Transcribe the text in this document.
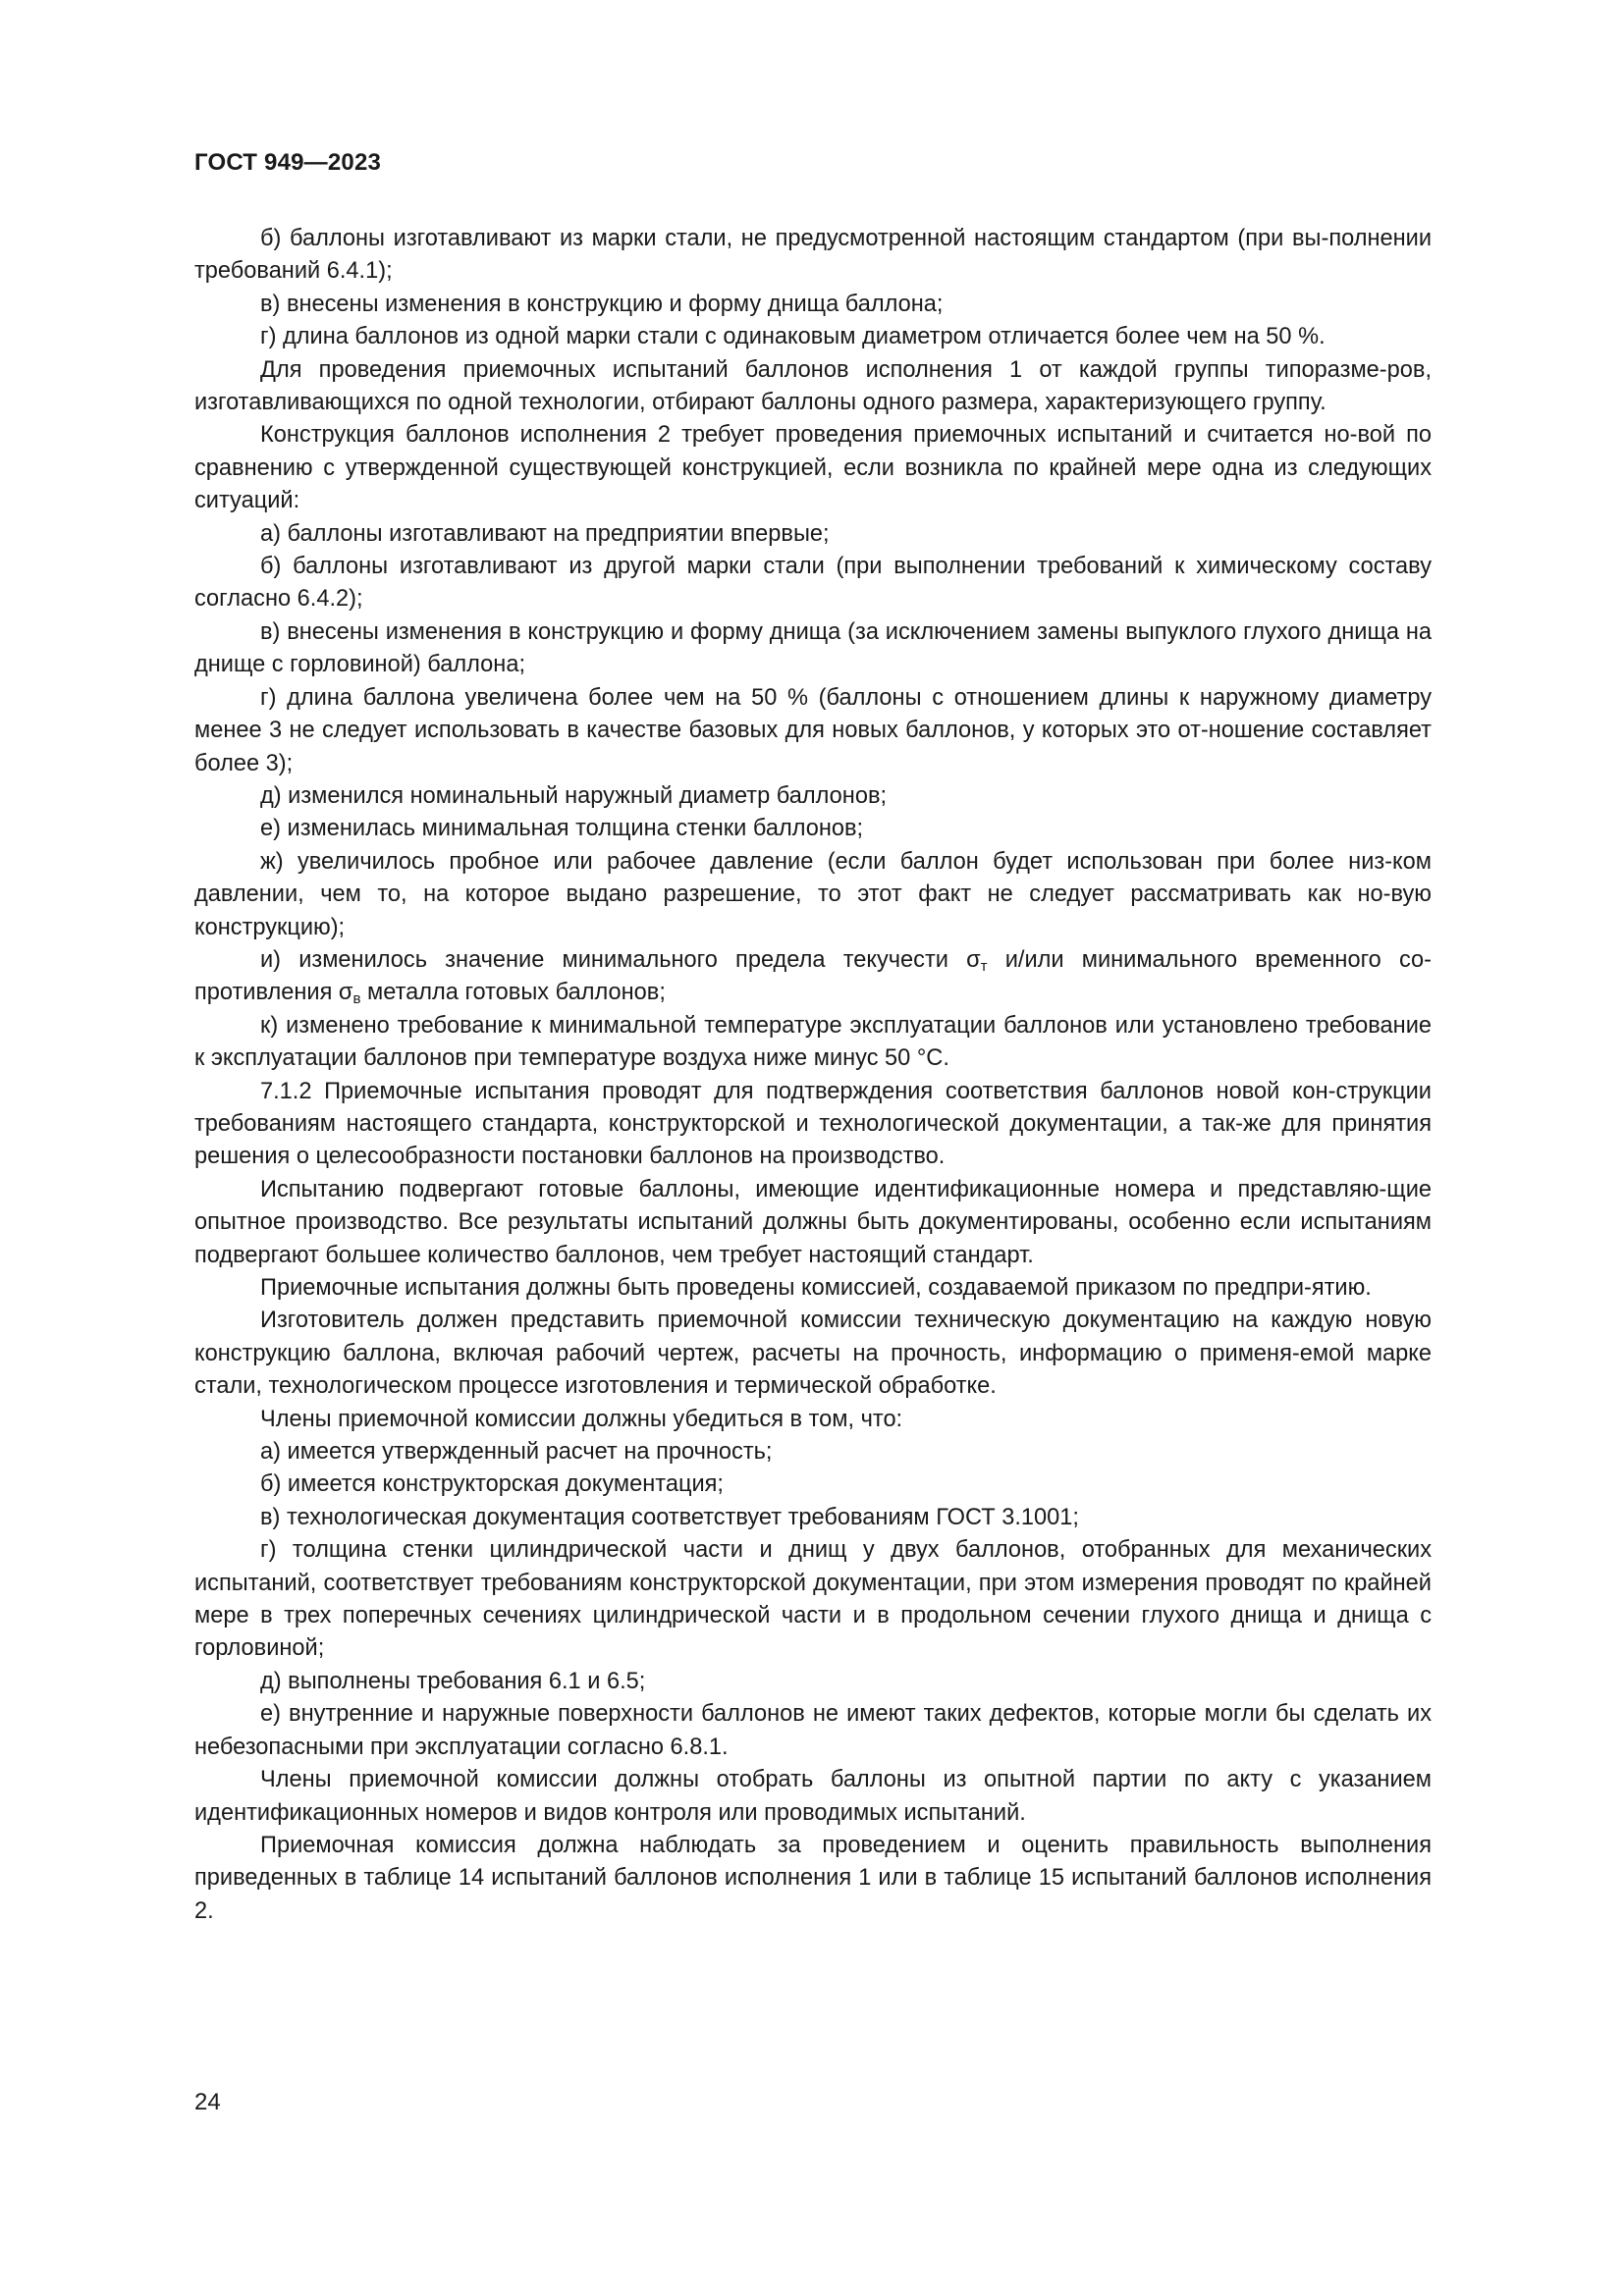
ГОСТ 949—2023

б) баллоны изготавливают из марки стали, не предусмотренной настоящим стандартом (при вы-полнении требований 6.4.1);

в) внесены изменения в конструкцию и форму днища баллона;

г) длина баллонов из одной марки стали с одинаковым диаметром отличается более чем на 50 %.

Для проведения приемочных испытаний баллонов исполнения 1 от каждой группы типоразме-ров, изготавливающихся по одной технологии, отбирают баллоны одного размера, характеризующего группу.

Конструкция баллонов исполнения 2 требует проведения приемочных испытаний и считается но-вой по сравнению с утвержденной существующей конструкцией, если возникла по крайней мере одна из следующих ситуаций:

а) баллоны изготавливают на предприятии впервые;

б) баллоны изготавливают из другой марки стали (при выполнении требований к химическому составу согласно 6.4.2);

в) внесены изменения в конструкцию и форму днища (за исключением замены выпуклого глухого днища на днище с горловиной) баллона;

г) длина баллона увеличена более чем на 50 % (баллоны с отношением длины к наружному диаметру менее 3 не следует использовать в качестве базовых для новых баллонов, у которых это от-ношение составляет более 3);

д) изменился номинальный наружный диаметр баллонов;

е) изменилась минимальная толщина стенки баллонов;

ж) увеличилось пробное или рабочее давление (если баллон будет использован при более низ-ком давлении, чем то, на которое выдано разрешение, то этот факт не следует рассматривать как но-вую конструкцию);

и) изменилось значение минимального предела текучести $\sigma_т$ и/или минимального временного со-противления $\sigma_в$ металла готовых баллонов;

к) изменено требование к минимальной температуре эксплуатации баллонов или установлено требование к эксплуатации баллонов при температуре воздуха ниже минус 50 °С.

7.1.2 Приемочные испытания проводят для подтверждения соответствия баллонов новой кон-струкции требованиям настоящего стандарта, конструкторской и технологической документации, а так-же для принятия решения о целесообразности постановки баллонов на производство.

Испытанию подвергают готовые баллоны, имеющие идентификационные номера и представляю-щие опытное производство. Все результаты испытаний должны быть документированы, особенно если испытаниям подвергают большее количество баллонов, чем требует настоящий стандарт.

Приемочные испытания должны быть проведены комиссией, создаваемой приказом по предпри-ятию.

Изготовитель должен представить приемочной комиссии техническую документацию на каждую новую конструкцию баллона, включая рабочий чертеж, расчеты на прочность, информацию о применя-емой марке стали, технологическом процессе изготовления и термической обработке.

Члены приемочной комиссии должны убедиться в том, что:

а) имеется утвержденный расчет на прочность;

б) имеется конструкторская документация;

в) технологическая документация соответствует требованиям ГОСТ 3.1001;

г) толщина стенки цилиндрической части и днищ у двух баллонов, отобранных для механических испытаний, соответствует требованиям конструкторской документации, при этом измерения проводят по крайней мере в трех поперечных сечениях цилиндрической части и в продольном сечении глухого днища и днища с горловиной;

д) выполнены требования 6.1 и 6.5;

е) внутренние и наружные поверхности баллонов не имеют таких дефектов, которые могли бы сделать их небезопасными при эксплуатации согласно 6.8.1.

Члены приемочной комиссии должны отобрать баллоны из опытной партии по акту с указанием идентификационных номеров и видов контроля или проводимых испытаний.

Приемочная комиссия должна наблюдать за проведением и оценить правильность выполнения приведенных в таблице 14 испытаний баллонов исполнения 1 или в таблице 15 испытаний баллонов исполнения 2.

24
